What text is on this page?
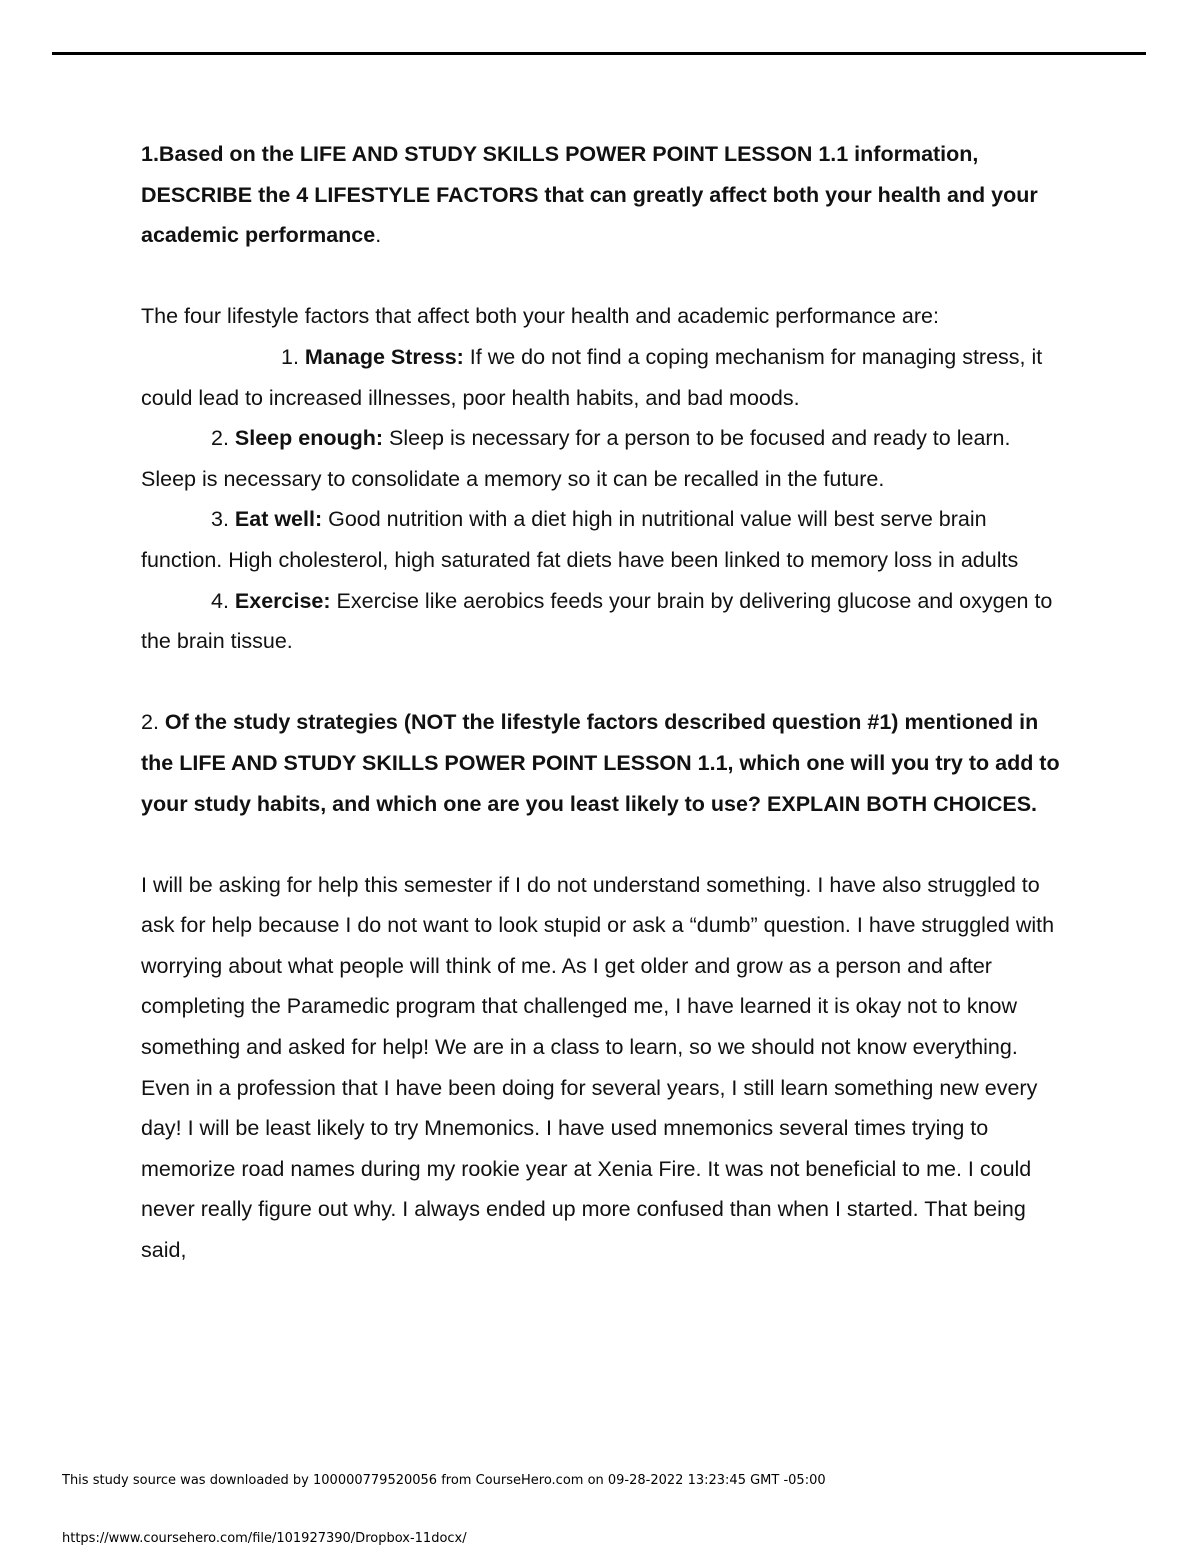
1.Based on the LIFE AND STUDY SKILLS POWER POINT LESSON 1.1 information, DESCRIBE the 4 LIFESTYLE FACTORS that can greatly affect both your health and your academic performance.

The four lifestyle factors that affect both your health and academic performance are:

1. Manage Stress: If we do not find a coping mechanism for managing stress, it could lead to increased illnesses, poor health habits, and bad moods.

2. Sleep enough: Sleep is necessary for a person to be focused and ready to learn. Sleep is necessary to consolidate a memory so it can be recalled in the future.

3. Eat well: Good nutrition with a diet high in nutritional value will best serve brain function. High cholesterol, high saturated fat diets have been linked to memory loss in adults

4. Exercise: Exercise like aerobics feeds your brain by delivering glucose and oxygen to the brain tissue.

2. Of the study strategies (NOT the lifestyle factors described question #1) mentioned in the LIFE AND STUDY SKILLS POWER POINT LESSON 1.1, which one will you try to add to your study habits, and which one are you least likely to use? EXPLAIN BOTH CHOICES.

I will be asking for help this semester if I do not understand something. I have also struggled to ask for help because I do not want to look stupid or ask a “dumb” question. I have struggled with worrying about what people will think of me. As I get older and grow as a person and after completing the Paramedic program that challenged me, I have learned it is okay not to know something and asked for help! We are in a class to learn, so we should not know everything. Even in a profession that I have been doing for several years, I still learn something new every day! I will be least likely to try Mnemonics. I have used mnemonics several times trying to memorize road names during my rookie year at Xenia Fire. It was not beneficial to me. I could never really figure out why. I always ended up more confused than when I started. That being said,

This study source was downloaded by 100000779520056 from CourseHero.com on 09-28-2022 13:23:45 GMT -05:00
https://www.coursehero.com/file/101927390/Dropbox-11docx/
